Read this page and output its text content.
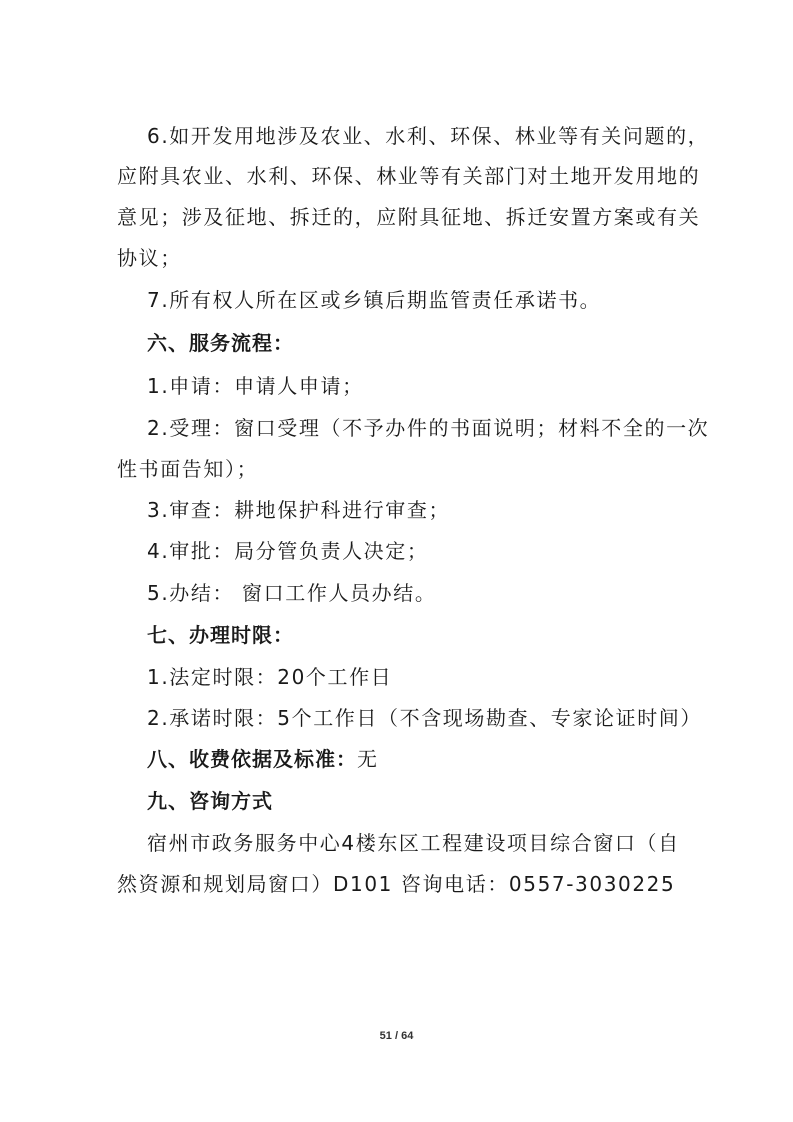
6.如开发用地涉及农业、水利、环保、林业等有关问题的，
应附具农业、水利、环保、林业等有关部门对土地开发用地的
意见；涉及征地、拆迁的，应附具征地、拆迁安置方案或有关
协议；
7.所有权人所在区或乡镇后期监管责任承诺书。
六、服务流程：
1.申请：申请人申请；
2.受理：窗口受理（不予办件的书面说明；材料不全的一次
性书面告知）；
3.审查：耕地保护科进行审查；
4.审批：局分管负责人决定；
5.办结： 窗口工作人员办结。
七、办理时限：
1.法定时限：20个工作日
2.承诺时限：5个工作日（不含现场勘查、专家论证时间）
八、收费依据及标准：无
九、咨询方式
宿州市政务服务中心4楼东区工程建设项目综合窗口（自
然资源和规划局窗口）D101 咨询电话：0557-3030225
51 / 64
